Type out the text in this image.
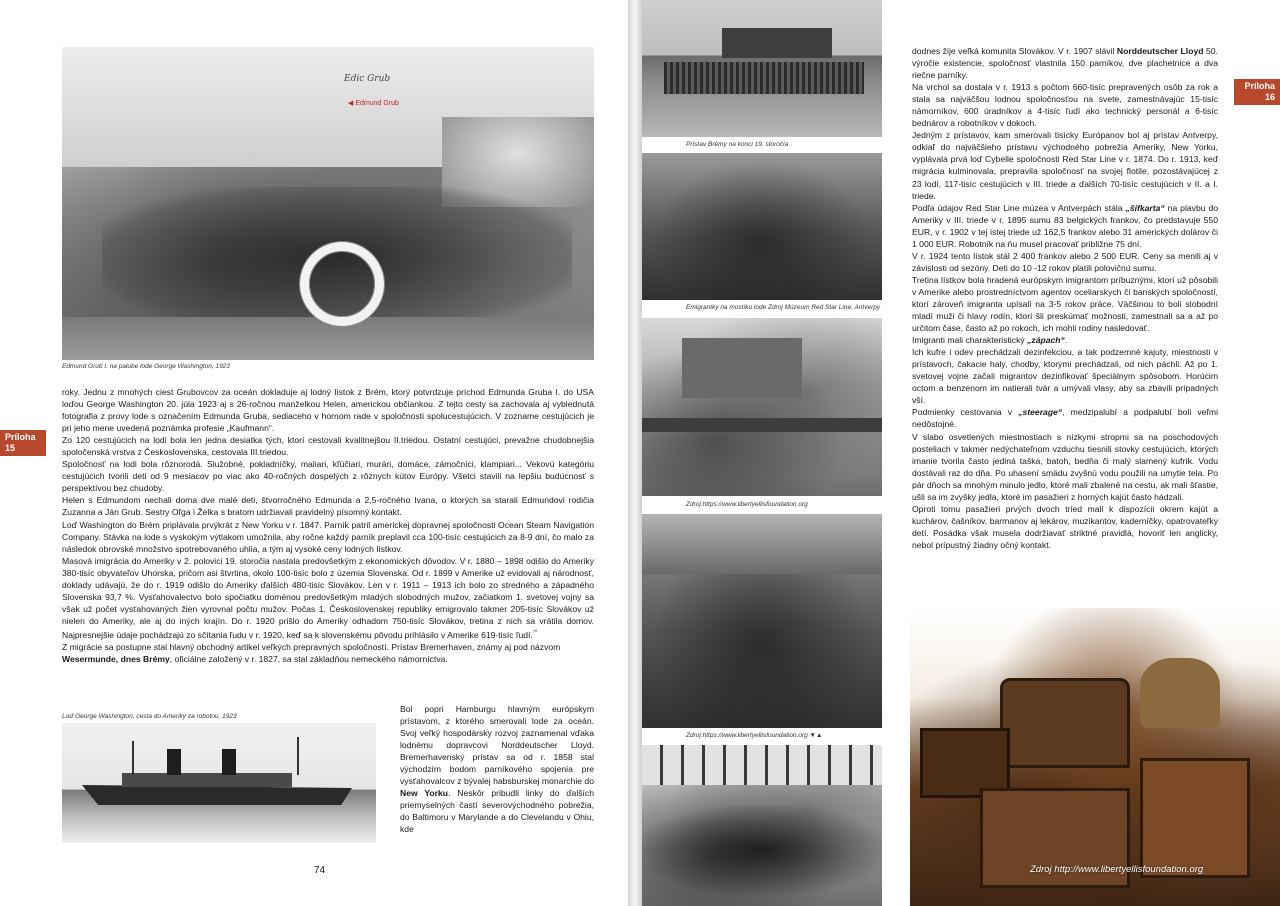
Edic Grub
◀ Edmund Grub
Edmund Grub I. na palube lode George Washington, 1923
Príloha 15

roky. Jednu z mnohých ciest Grubovcov za oceán dokladuje aj lodný lístok z Brém, ktorý potvrdzuje príchod Edmunda Gruba I. do USA loďou George Washington 20. júla 1923 aj s 26-ročnou manželkou Helen, americkou občiankou. Z tejto cesty sa zachovala aj vyblednutá fotografia z provy lode s označením Edmunda Gruba, sediaceho v hornom rade v spoločnosti spolucestujúcich. V zozname cestujúcich je pri jeho mene uvedená poznámka profesie „Kaufmann“.

Zo 120 cestujúcich na lodi bola len jedna desiatka tých, ktorí cestovali kvalitnejšou II.triedou. Ostatní cestujúci, prevažne chudobnejšia spoločenská vrstva z Československa, cestovala III.triedou.

Spoločnosť na lodi bola rôznorodá. Služobné, pokladníčky, maliari, kľúčiari, murári, domáce, zámočníci, klampiari... Vekovú kategóriu cestujúcich tvorili deti od 9 mesiacov po viac ako 40-ročných dospelých z rôznych kútov Európy. Všetci stavili na lepšiu budúcnosť s perspektívou bez chudoby.

Helen s Edmundom nechali doma dve malé deti, štvorročného Edmunda a 2,5-ročného Ivana, o ktorých sa starali Edmundovi rodičia Zuzanna a Ján Grub. Sestry Oľga i Želka s bratom udržiavali pravidelný písomný kontakt.

Loď Washington do Brém priplávala prvýkrát z New Yorku v r. 1847. Parník patril americkej dopravnej spoločnosti Ocean Steam Navigation Company. Stávka na lode s vyskokým výtlakom umožnila, aby ročne každý parník preplavil cca 100-tisíc cestujúcich za 8-9 dní, čo malo za následok obrovské množstvo spotrebovaného uhlia, a tým aj vysoké ceny lodných lístkov.

Masová imigrácia do Ameriky v 2. polovici 19. storočia nastala predovšetkým z ekonomických dôvodov. V r. 1880 – 1898 odišlo do Ameriky 380-tisíc obyvateľov Uhorska, pričom asi štvrtina, okolo 100-tisíc bolo z územia Slovenska. Od r. 1899 v Amerike už evidovali aj národnosť, doklady udávajú, že do r. 1919 odišlo do Ameriky ďalších 480-tisíc Slovákov. Len v r. 1911 – 1913 ich bolo zo stredného a západného Slovenska 93,7 %. Vysťahovalectvo bolo spočiatku doménou predovšetkým mladých slobodných mužov, začiatkom 1. svetovej vojny sa však už počet vysťahovaných žien vyrovnal počtu mužov. Počas 1. Československej republiky emigrovalo takmer 205-tisíc Slovákov už nielen do Ameriky, ale aj do iných krajín. Do r. 1920 prišlo do Ameriky odhadom 750-tisíc Slovákov, tretina z nich sa vrátila domov. Najpresnejšie údaje pochádzajú zo sčítania ľudu v r. 1920, keď sa k slovenskému pôvodu prihlásilo v Amerike 619-tisíc ľudí.$^{^{70}}$

Z migrácie sa postupne stal hlavný obchodný artikel veľkých prepravných spoločností. Prístav Bremerhaven, známy aj pod názvom
Wesermunde, dnes Brémy, oficiálne založený v r. 1827, sa stal základňou nemeckého námorníctva.

Loď George Washington, cesta do Ameriky za robotou, 1923

Bol popri Hamburgu hlavným európskym prístavom, z ktorého smerovali lode za oceán. Svoj veľký hospodársky rozvoj zaznamenal vďaka lodnému dopravcovi Norddeutscher Lloyd. Bremerhavenský prístav sa od r. 1858 stal východzím bodom parníkového spojenia pre vysťahovalcov z bývalej habsburskej monarchie do New Yorku. Neskôr pribudli linky do ďalších priemyselných častí severovýchodného pobrežia, do Baltimoru v Marylande a do Clevelandu v Ohiu, kde

74
Prístav Brémy na konci 19. storočia
Emigrantky na mostíku lode Zdroj Múzeum Red Star Line, Antverpy
Zdroj:https://www.libertyellisfoundation.org
Zdroj:https://www.libertyellisfoundation.org ▼▲

dodnes žije veľká komunita Slovákov. V r. 1907 slávil Norddeutscher Lloyd 50. výročie existencie, spoločnosť vlastnila 150 parníkov, dve plachetnice a dva riečne parníky.

Na vrchol sa dostala v r. 1913 s počtom 660-tisíc prepravených osôb za rok a stala sa najväčšou lodnou spoločnosťou na svete, zamestnávajúc 15-tisíc námorníkov, 600 úradníkov a 4-tisíc ľudí ako technický personál a 6-tisíc bednárov a robotníkov v dokoch.

Jedným z prístavov, kam smerovali tisícky Európanov bol aj prístav Antverpy, odkiaľ do najväčšieho prístavu východného pobrežia Ameriky, New Yorku, vyplávala prvá loď Cybelle spoločnosti Red Star Line v r. 1874. Do r. 1913, keď migrácia kulminovala, prepravila spoločnosť na svojej flotile, pozostávajúcej z 23 lodí, 117-tisíc cestujúcich v III. triede a ďalších 70-tisíc cestujúcich v II. a I. triede.

Podľa údajov Red Star Line múzea v Antverpách stála „šifkarta“ na plavbu do Ameriky v III. triede v r. 1895 sumu 83 belgických frankov, čo predstavuje 550 EUR, v r. 1902 v tej istej triede už 162,5 frankov alebo 31 amerických dolárov či 1 000 EUR. Robotník na ňu musel pracovať približne 75 dní.

V r. 1924 tento lístok stál 2 400 frankov alebo 2 500 EUR. Ceny sa menili aj v závislosti od sezóny. Deti do 10 -12 rokov platili polovičnú sumu.

Tretina lístkov bola hradená európskym imigrantom príbuznými, ktorí už pôsobili v Amerike alebo prostredníctvom agentov oceliarskych či banských spoločností, ktorí zároveň imigranta upísali na 3-5 rokov práce. Väčšinou to boli slobodní mladí muži či hlavy rodín, ktorí šli preskúmať možnosti, zamestnali sa a až po určitom čase, často až po rokoch, ich mohli rodiny nasledovať.

Imigranti mali charakteristický „zápach“.

Ich kufre i odev prechádzali dezinfekciou, a tak podzemné kajuty, miestnosti v prístavoch, čakacie haly, chodby, ktorými prechádzali, od nich páchli. Až po 1. svetovej vojne začali migrantov dezinfikovať špeciálnym spôsobom. Horúcim octom a benzenom im natierali tvár a umývali vlasy, aby sa zbavili prípadných vší.

Podmienky cestovania v „steerage“, medzipalubí a podpalubí boli veľmi nedôstojné.

V slabo osvetlených miestnostiach s nízkymi stropmi sa na poschodových posteliach v takmer nedýchateľnom vzduchu tiesnili stovky cestujúcich, ktorých imanie tvorila často jediná taška, batoh, bedňa či malý slamený kufrík. Vodu dostávali raz do dňa. Po uhasení smädu zvyšnú vodu použili na umytie tela. Po pár dňoch sa mnohým minulo jedlo, ktoré mali zbalené na cestu, ak mali šťastie, ušli sa im zvyšky jedla, ktoré im pasažieri z horných kajút často hádzali.

Oproti tomu pasažieri prvých dvoch tried mali k dispozícii okrem kajút a kuchárov, čašníkov, barmanov aj lekárov, muzikantov, kaderníčky, opatrovateľky detí. Posádka však musela dodržiavať striktné pravidlá, hovoriť len anglicky, nebol prípustný žiadny očný kontakt.

Príloha 16
Zdroj http://www.libertyellisfoundation.org
